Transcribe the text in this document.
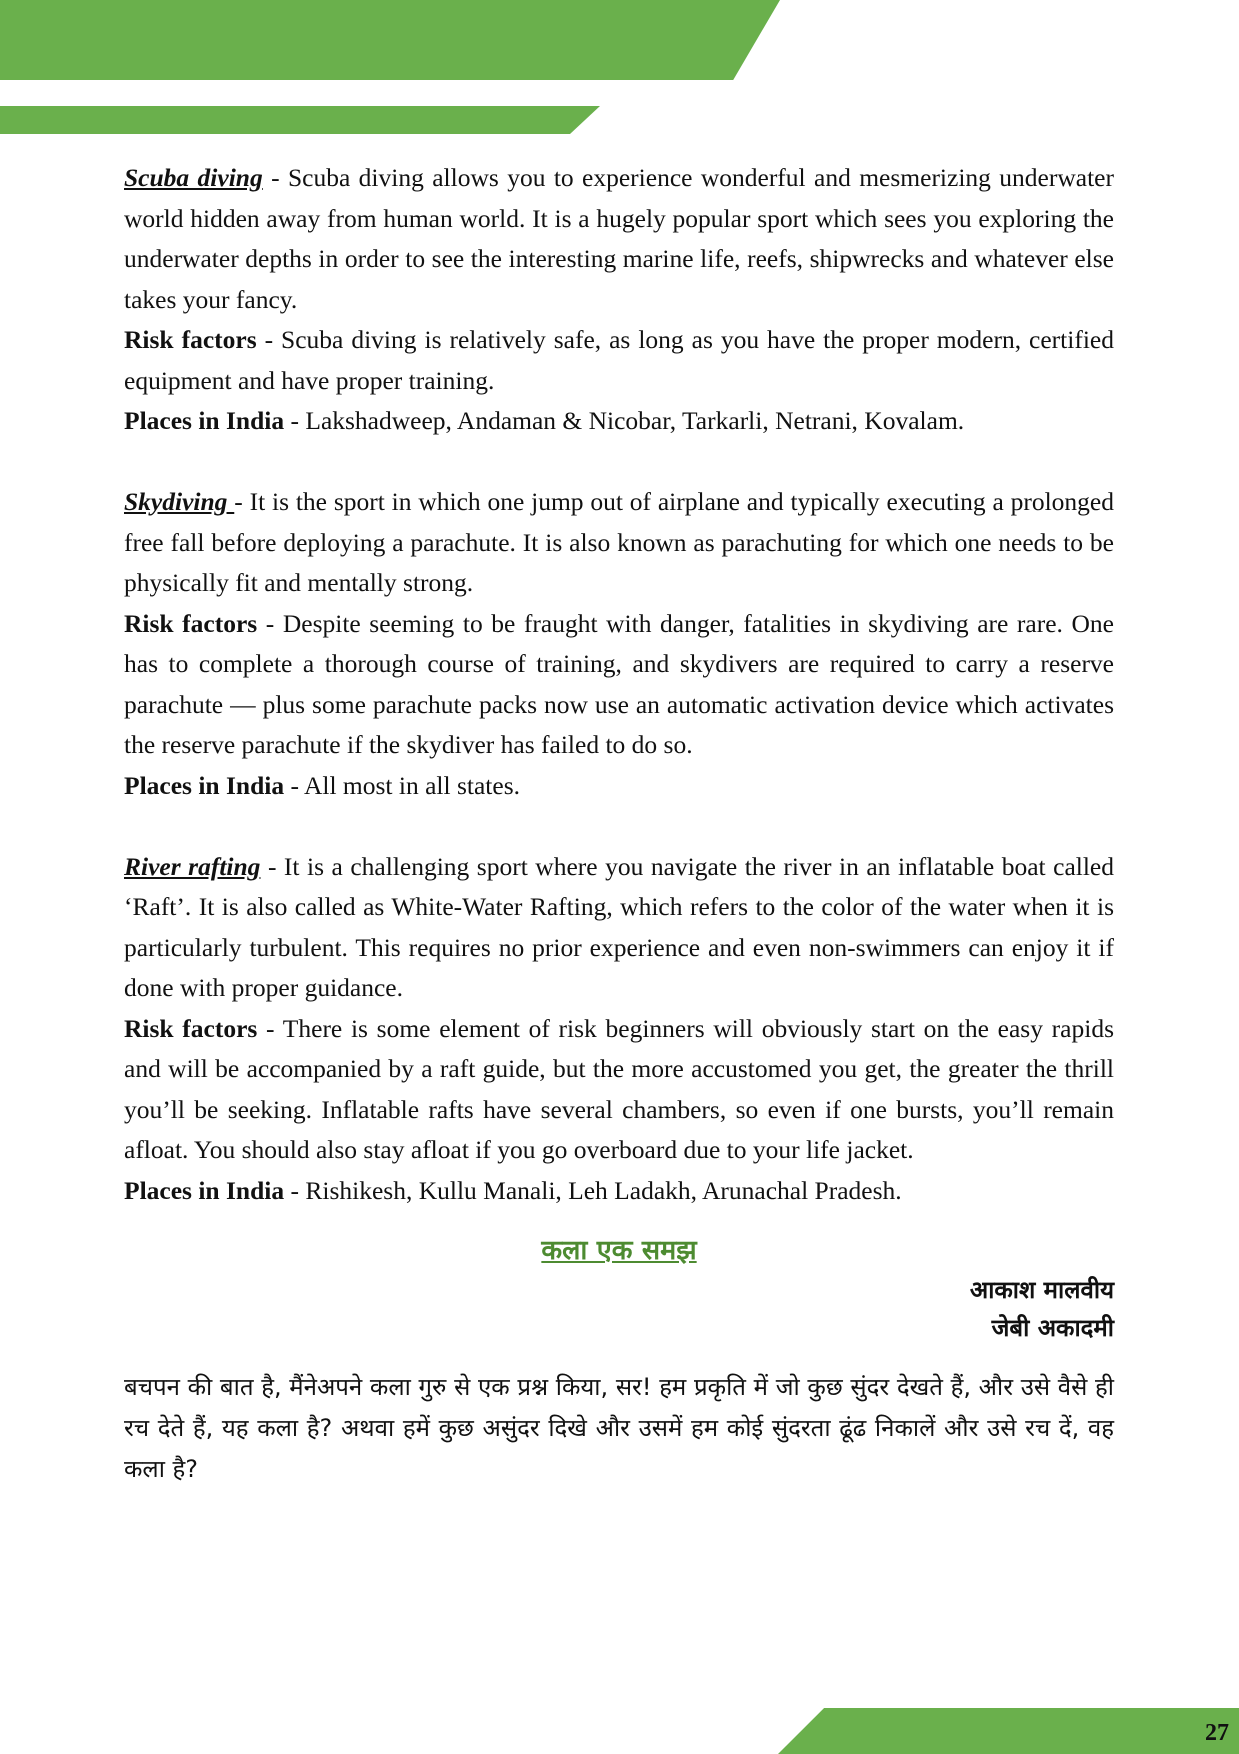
Scuba diving - Scuba diving allows you to experience wonderful and mesmerizing underwater world hidden away from human world. It is a hugely popular sport which sees you exploring the underwater depths in order to see the interesting marine life, reefs, shipwrecks and whatever else takes your fancy.

Risk factors - Scuba diving is relatively safe, as long as you have the proper modern, certified equipment and have proper training.

Places in India - Lakshadweep, Andaman & Nicobar, Tarkarli, Netrani, Kovalam.

Skydiving - It is the sport in which one jump out of airplane and typically executing a prolonged free fall before deploying a parachute. It is also known as parachuting for which one needs to be physically fit and mentally strong.

Risk factors - Despite seeming to be fraught with danger, fatalities in skydiving are rare. One has to complete a thorough course of training, and skydivers are required to carry a reserve parachute — plus some parachute packs now use an automatic activation device which activates the reserve parachute if the skydiver has failed to do so.

Places in India - All most in all states.

River rafting - It is a challenging sport where you navigate the river in an inflatable boat called ‘Raft’. It is also called as White-Water Rafting, which refers to the color of the water when it is particularly turbulent. This requires no prior experience and even non-swimmers can enjoy it if done with proper guidance.

Risk factors - There is some element of risk beginners will obviously start on the easy rapids and will be accompanied by a raft guide, but the more accustomed you get, the greater the thrill you’ll be seeking. Inflatable rafts have several chambers, so even if one bursts, you’ll remain afloat. You should also stay afloat if you go overboard due to your life jacket.

Places in India - Rishikesh, Kullu Manali, Leh Ladakh, Arunachal Pradesh.

कला एक समझ

आकाश मालवीय

जेबी अकादमी

बचपन की बात है, मैंनेअपने कला गुरु से एक प्रश्न किया, सर! हम प्रकृति में जो कुछ सुंदर देखते हैं, और उसे वैसे ही रच देते हैं, यह कला है? अथवा हमें कुछ असुंदर दिखे और उसमें हम कोई सुंदरता ढूंढ निकालें और उसे रच दें, वह कला है?

27
